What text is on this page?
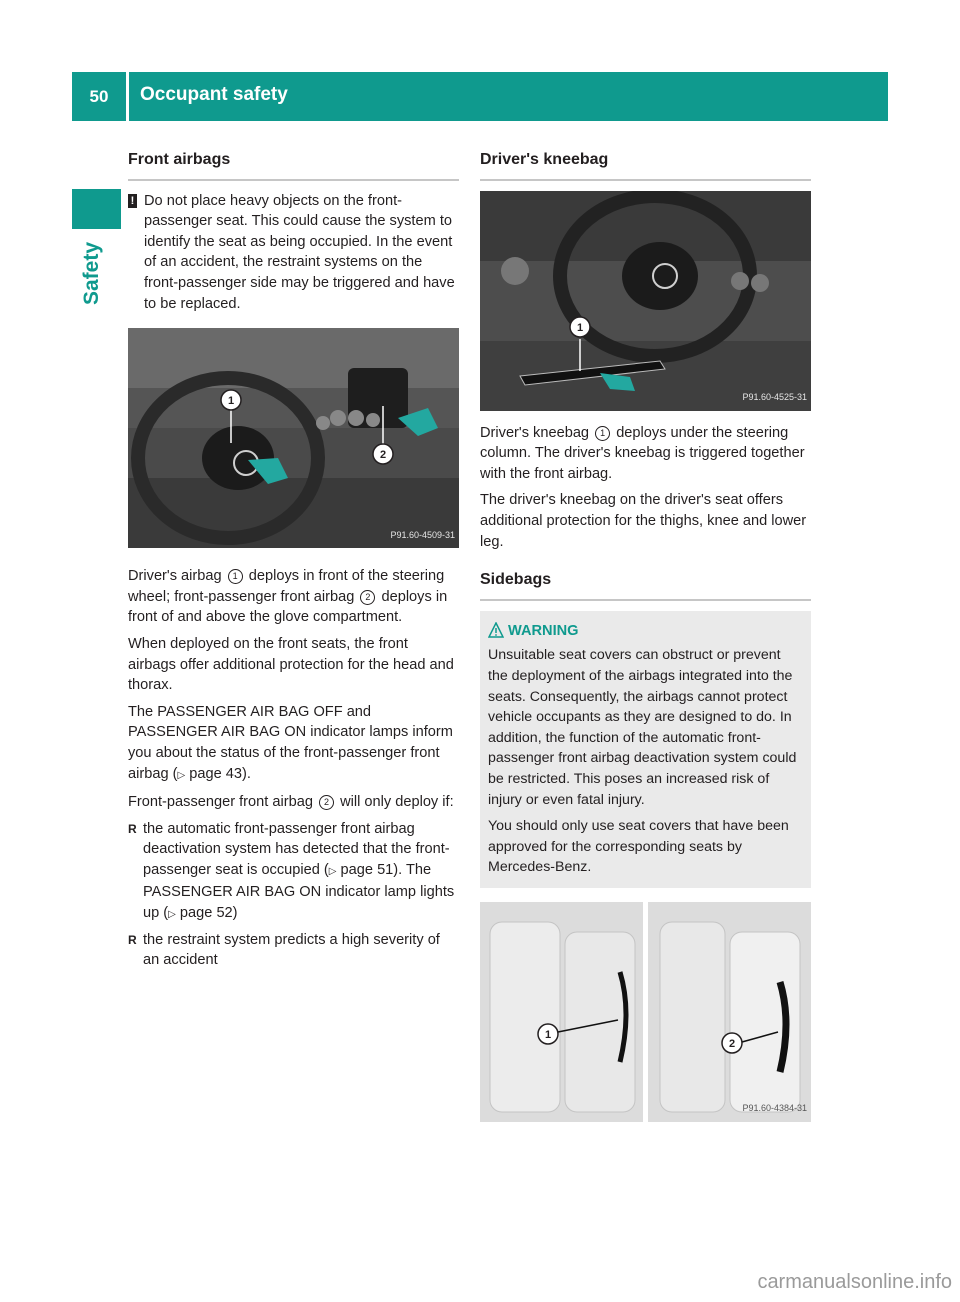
50	Occupant safety
Safety
Front airbags
! Do not place heavy objects on the front-passenger seat. This could cause the system to identify the seat as being occupied. In the event of an accident, the restraint systems on the front-passenger side may be triggered and have to be replaced.
1
2
P91.60-4509-31

Driver's airbag 1 deploys in front of the steering wheel; front-passenger front airbag 2 deploys in front of and above the glove compartment.

When deployed on the front seats, the front airbags offer additional protection for the head and thorax.

The PASSENGER AIR BAG OFF and PASSENGER AIR BAG ON indicator lamps inform you about the status of the front-passenger front airbag (▷ page 43).

Front-passenger front airbag 2 will only deploy if:

R the automatic front-passenger front airbag deactivation system has detected that the front-passenger seat is occupied (▷ page 51). The PASSENGER AIR BAG ON indicator lamp lights up (▷ page 52)
R the restraint system predicts a high severity of an accident
Driver's kneebag
1
P91.60-4525-31

Driver's kneebag 1 deploys under the steering column. The driver's kneebag is triggered together with the front airbag.

The driver's kneebag on the driver's seat offers additional protection for the thighs, knee and lower leg.

Sidebags
WARNING

Unsuitable seat covers can obstruct or prevent the deployment of the airbags integrated into the seats. Consequently, the airbags cannot protect vehicle occupants as they are designed to do. In addition, the function of the automatic front-passenger front airbag deactivation system could be restricted. This poses an increased risk of injury or even fatal injury.

You should only use seat covers that have been approved for the corresponding seats by Mercedes-Benz.

1
2
P91.60-4384-31
carmanualsonline.info
